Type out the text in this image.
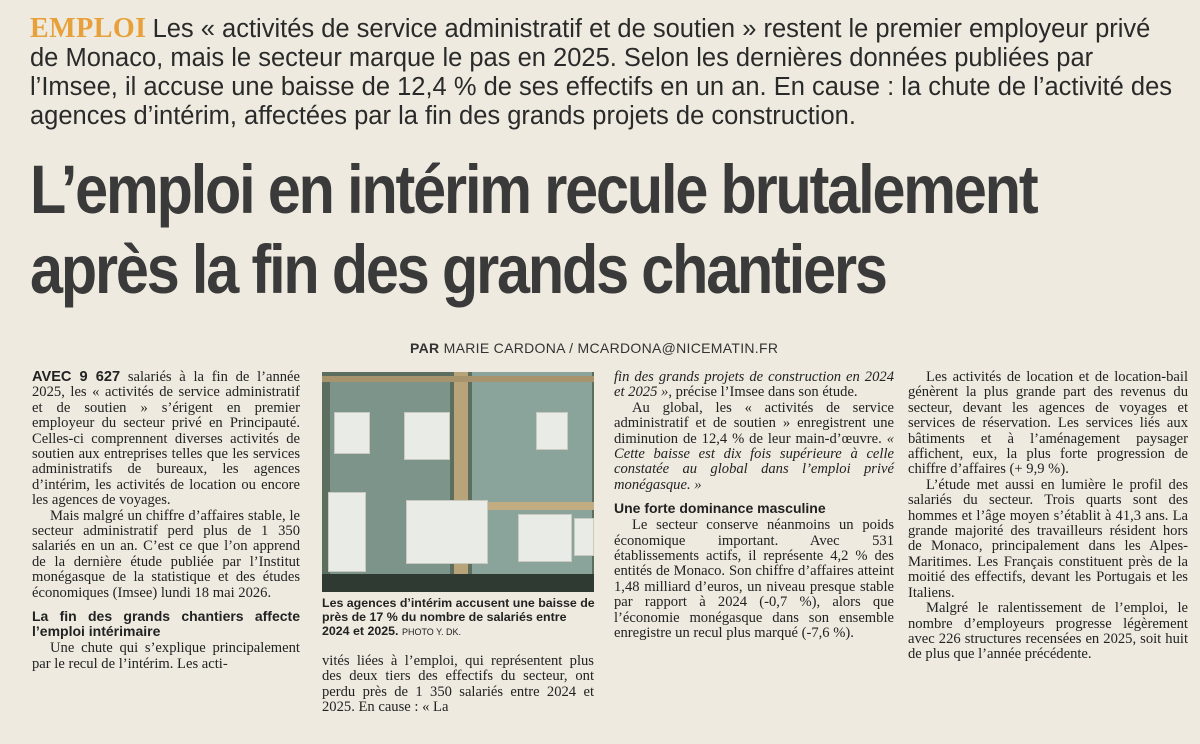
EMPLOI Les « activités de service administratif et de soutien » restent le premier employeur privé de Monaco, mais le secteur marque le pas en 2025. Selon les dernières données publiées par l’Imsee, il accuse une baisse de 12,4 % de ses effectifs en un an. En cause : la chute de l’activité des agences d’intérim, affectées par la fin des grands projets de construction.
L’emploi en intérim recule brutalement
après la fin des grands chantiers
PAR MARIE CARDONA / MCARDONA@NICEMATIN.FR

AVEC 9 627 salariés à la fin de l’année 2025, les « activités de service administratif et de soutien » s’érigent en premier employeur du secteur privé en Principauté. Celles-ci comprennent diverses activités de soutien aux entreprises telles que les services administratifs de bureaux, les agences d’intérim, les activités de location ou encore les agences de voyages.

Mais malgré un chiffre d’affaires stable, le secteur administratif perd plus de 1 350 salariés en un an. C’est ce que l’on apprend de la dernière étude publiée par l’Institut monégasque de la statistique et des études économiques (Imsee) lundi 18 mai 2026.

La fin des grands chantiers affecte l’emploi intérimaire

Une chute qui s’explique principalement par le recul de l’intérim. Les acti-

Les agences d’intérim accusent une baisse de près de 17 % du nombre de salariés entre 2024 et 2025. PHOTO Y. DK.

vités liées à l’emploi, qui représentent plus des deux tiers des effectifs du secteur, ont perdu près de 1 350 salariés entre 2024 et 2025. En cause : « La

fin des grands projets de construction en 2024 et 2025 », précise l’Imsee dans son étude.

Au global, les « activités de service administratif et de soutien » enregistrent une diminution de 12,4 % de leur main-d’œuvre. « Cette baisse est dix fois supérieure à celle constatée au global dans l’emploi privé monégasque. »

Une forte dominance masculine

Le secteur conserve néanmoins un poids économique important. Avec 531 établissements actifs, il représente 4,2 % des entités de Monaco. Son chiffre d’affaires atteint 1,48 milliard d’euros, un niveau presque stable par rapport à 2024 (-0,7 %), alors que l’économie monégasque dans son ensemble enregistre un recul plus marqué (-7,6 %).

Les activités de location et de location-bail génèrent la plus grande part des revenus du secteur, devant les agences de voyages et services de réservation. Les services liés aux bâtiments et à l’aménagement paysager affichent, eux, la plus forte progression de chiffre d’affaires (+ 9,9 %).

L’étude met aussi en lumière le profil des salariés du secteur. Trois quarts sont des hommes et l’âge moyen s’établit à 41,3 ans. La grande majorité des travailleurs résident hors de Monaco, principalement dans les Alpes-Maritimes. Les Français constituent près de la moitié des effectifs, devant les Portugais et les Italiens.

Malgré le ralentissement de l’emploi, le nombre d’employeurs progresse légèrement avec 226 structures recensées en 2025, soit huit de plus que l’année précédente.
